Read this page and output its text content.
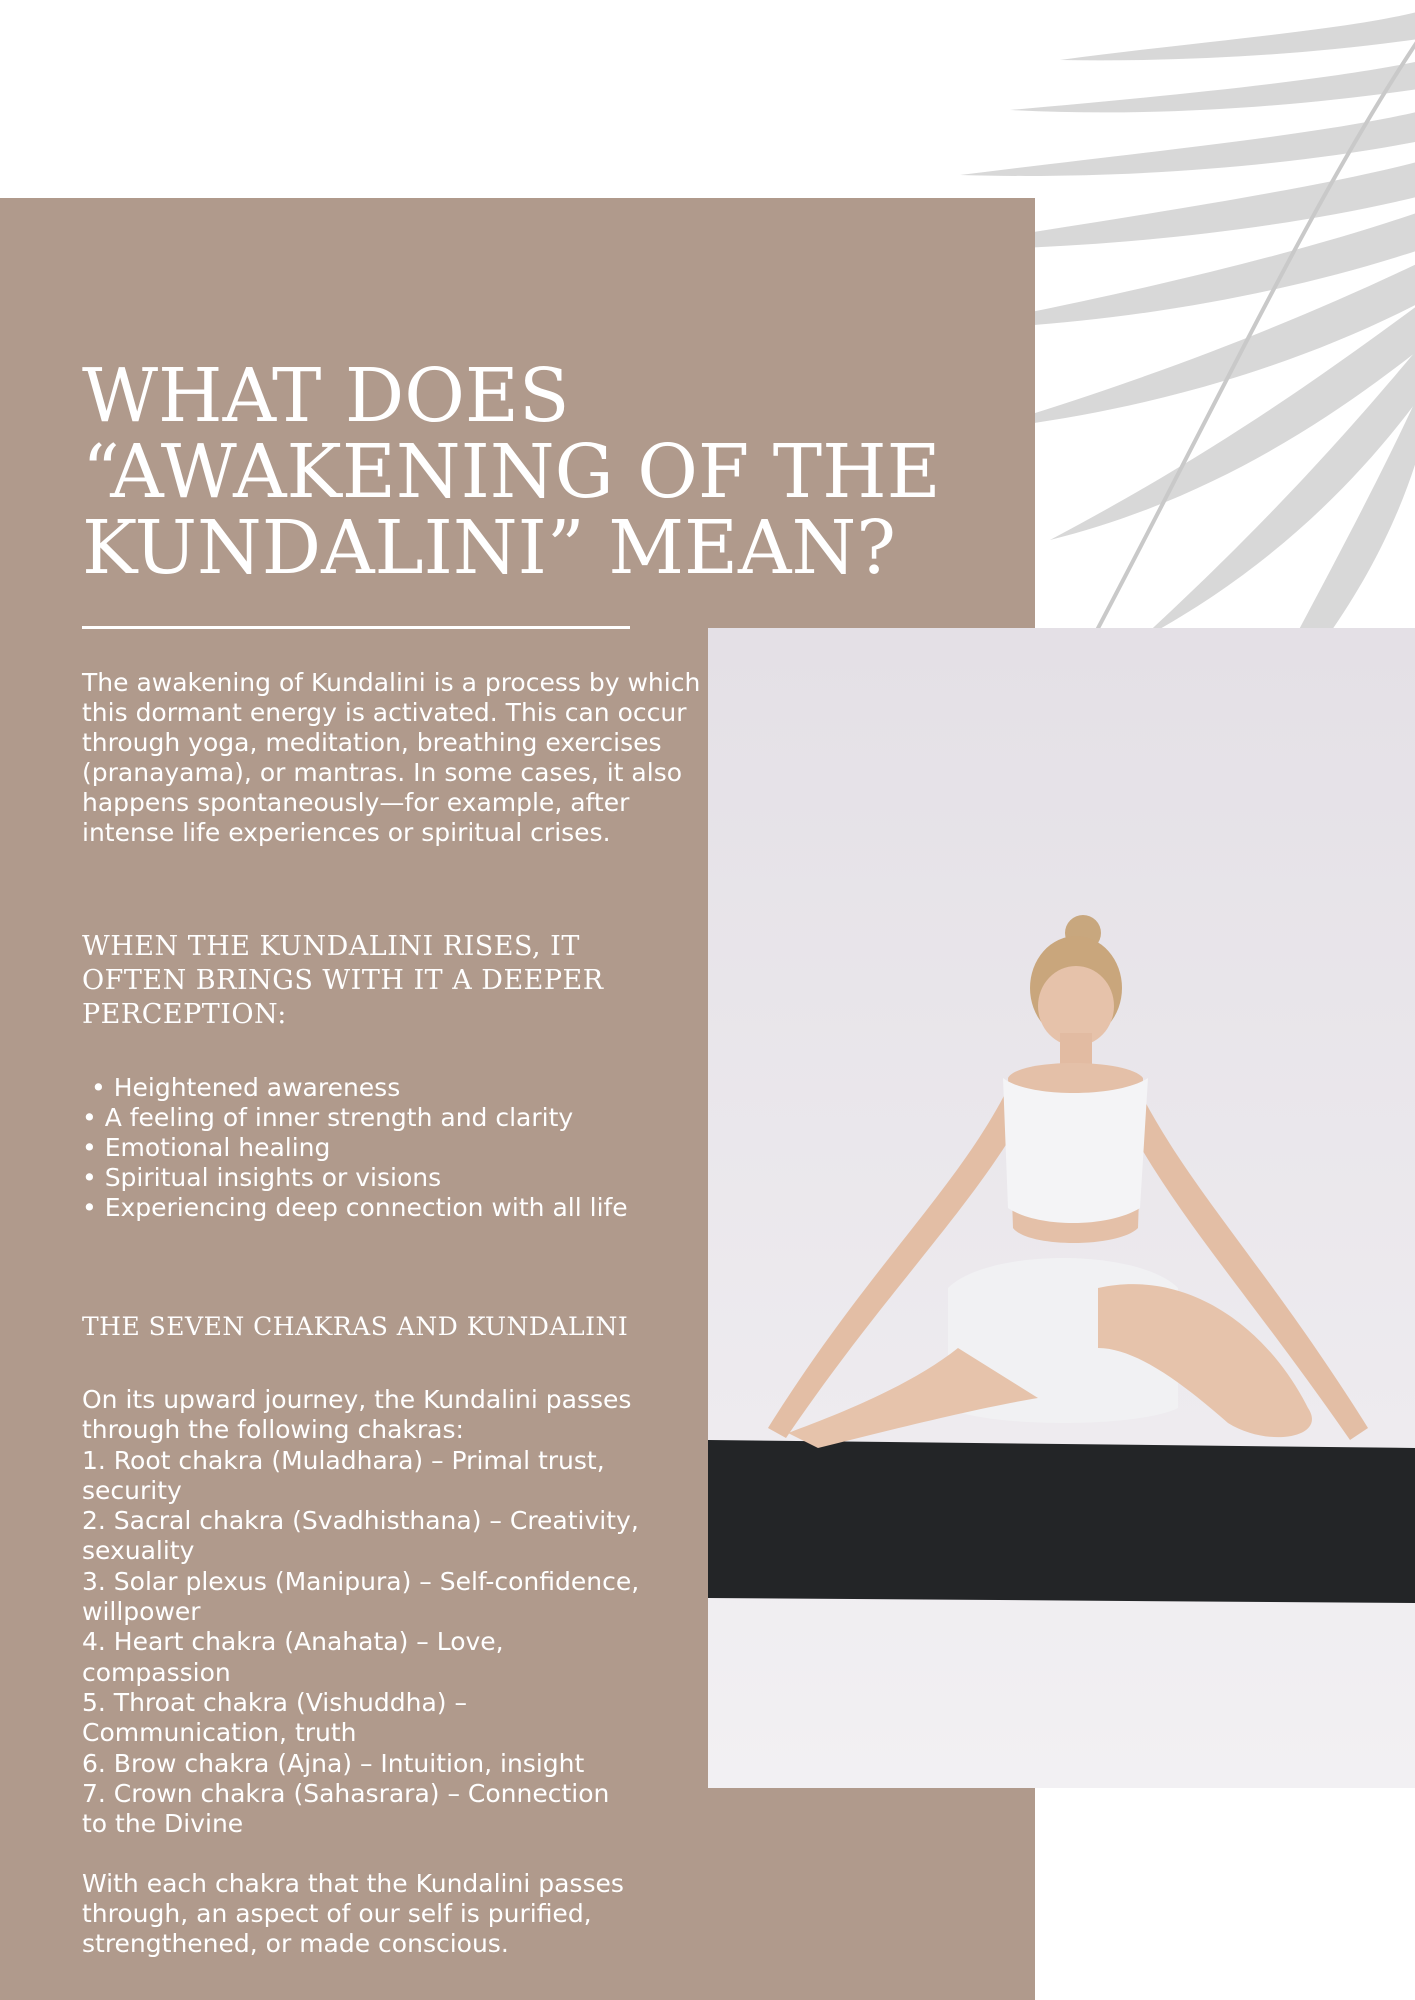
WHAT DOES
“AWAKENING OF THE
KUNDALINI” MEAN?

The awakening of Kundalini is a process by which this dormant energy is activated. This can occur through yoga, meditation, breathing exercises (pranayama), or mantras. In some cases, it also happens spontaneously—for example, after intense life experiences or spiritual crises.

WHEN THE KUNDALINI RISES, IT
OFTEN BRINGS WITH IT A DEEPER
PERCEPTION:
• Heightened awareness
• A feeling of inner strength and clarity
• Emotional healing
• Spiritual insights or visions
• Experiencing deep connection with all life
THE SEVEN CHAKRAS AND KUNDALINI

On its upward journey, the Kundalini passes
through the following chakras:
1. Root chakra (Muladhara) – Primal trust,
security
2. Sacral chakra (Svadhisthana) – Creativity,
sexuality
3. Solar plexus (Manipura) – Self-confidence,
willpower
4. Heart chakra (Anahata) – Love,
compassion
5. Throat chakra (Vishuddha) –
Communication, truth
6. Brow chakra (Ajna) – Intuition, insight
7. Crown chakra (Sahasrara) – Connection
to the Divine

With each chakra that the Kundalini passes
through, an aspect of our self is purified,
strengthened, or made conscious.
